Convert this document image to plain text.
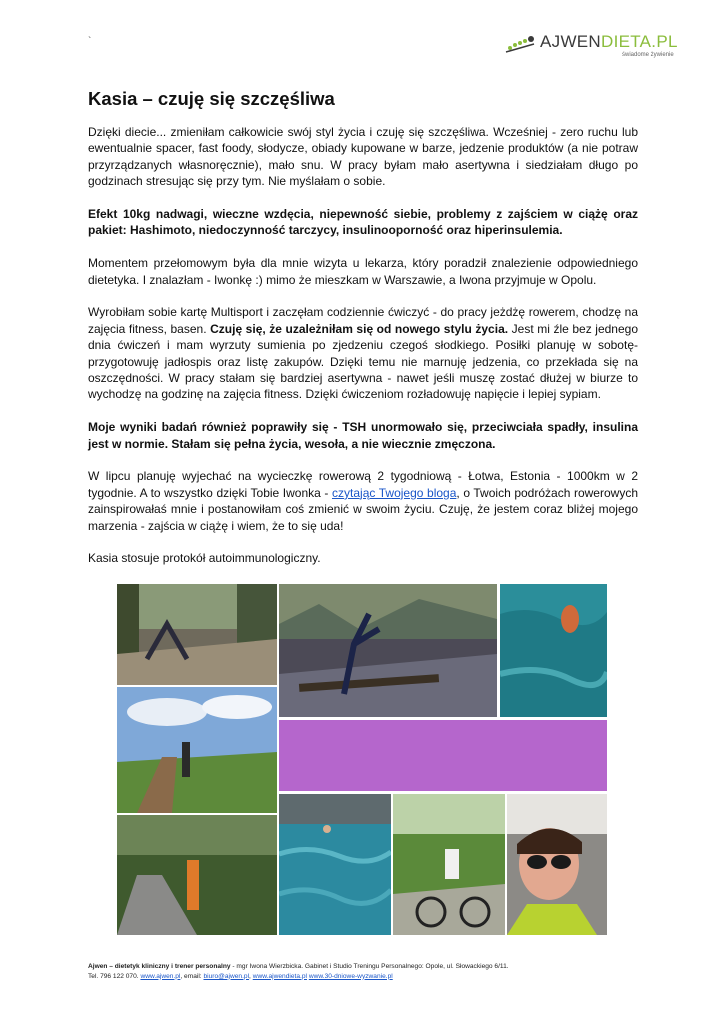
`	AJWENDIETA.PL
świadome żywienie
Kasia – czuję się szczęśliwa

Dzięki diecie... zmieniłam całkowicie swój styl życia i czuję się szczęśliwa. Wcześniej - zero ruchu lub ewentualnie spacer, fast foody, słodycze, obiady kupowane w barze, jedzenie produktów (a nie potraw przyrządzanych własnoręcznie), mało snu. W pracy byłam mało asertywna i siedziałam długo po godzinach stresując się przy tym. Nie myślałam o sobie.

Efekt 10kg nadwagi, wieczne wzdęcia, niepewność siebie, problemy z zajściem w ciążę oraz pakiet: Hashimoto, niedoczynność tarczycy, insulinooporność oraz hiperinsulemia.

Momentem przełomowym była dla mnie wizyta u lekarza, który poradził znalezienie odpowiedniego dietetyka. I znalazłam - Iwonkę :) mimo że mieszkam w Warszawie, a Iwona przyjmuje w Opolu.

Wyrobiłam sobie kartę Multisport i zaczęłam codziennie ćwiczyć - do pracy jeżdżę rowerem, chodzę na zajęcia fitness, basen. Czuję się, że uzależniłam się od nowego stylu życia. Jest mi źle bez jednego dnia ćwiczeń i mam wyrzuty sumienia po zjedzeniu czegoś słodkiego. Posiłki planuję w sobotę- przygotowuję jadłospis oraz listę zakupów. Dzięki temu nie marnuję jedzenia, co przekłada się na oszczędności. W pracy stałam się bardziej asertywna - nawet jeśli muszę zostać dłużej w biurze to wychodzę na godzinę na zajęcia fitness. Dzięki ćwiczeniom rozładowuję napięcie i lepiej sypiam.

Moje wyniki badań również poprawiły się - TSH unormowało się, przeciwciała spadły, insulina jest w normie. Stałam się pełna życia, wesoła, a nie wiecznie zmęczona.

W lipcu planuję wyjechać na wycieczkę rowerową 2 tygodniową - Łotwa, Estonia - 1000km w 2 tygodnie. A to wszystko dzięki Tobie Iwonka - czytając Twojego bloga, o Twoich podróżach rowerowych zainspirowałaś mnie i postanowiłam coś zmienić w swoim życiu. Czuję, że jestem coraz bliżej mojego marzenia - zajścia w ciążę i wiem, że to się uda!

Kasia stosuje protokół autoimmunologiczny.

Ajwen – dietetyk kliniczny i trener personalny - mgr Iwona Wierzbicka. Gabinet i Studio Treningu Personalnego: Opole, ul. Słowackiego 6/11.
Tel. 796 122 070. www.ajwen.pl, email: biuro@ajwen.pl, www.ajwendieta.pl www.30-dniowe-wyzwanie.pl
